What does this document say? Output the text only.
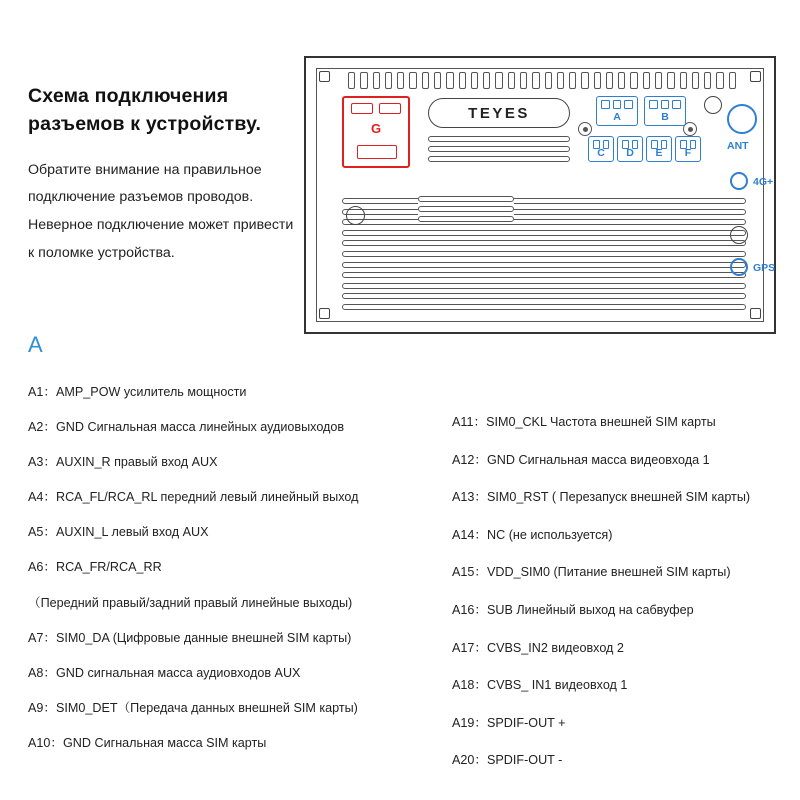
Схема подключения разъемов к устройству.

Обратите внимание на правильное подключение разъемов проводов. Неверное подключение может привести к поломке устройства.

G
TEYES	A	B
C D E F
ANT
4G+
GPS
A
A1：AMP_POW усилитель мощности
A2：GND Сигнальная масса линейных аудиовыходов
A3：AUXIN_R правый вход AUX
A4：RCA_FL/RCA_RL передний левый линейный выход
A5：AUXIN_L левый вход AUX
A6：RCA_FR/RCA_RR
（Передний правый/задний правый линейные выходы)
A7：SIM0_DA (Цифровые данные внешней SIM карты)
A8：GND сигнальная масса аудиовходов AUX
A9：SIM0_DET（Передача данных внешней SIM карты)
A10：GND Сигнальная масса SIM карты
A11：SIM0_CKL Частота внешней SIM карты
A12：GND Сигнальная масса видеовхода 1
A13：SIM0_RST ( Перезапуск внешней SIM карты)
A14：NC (не используется)
A15：VDD_SIM0 (Питание внешней SIM карты)
A16：SUB Линейный выход на сабвуфер
A17：CVBS_IN2 видеовход 2
A18：CVBS_ IN1 видеовход 1
A19：SPDIF-OUT +
A20：SPDIF-OUT -
